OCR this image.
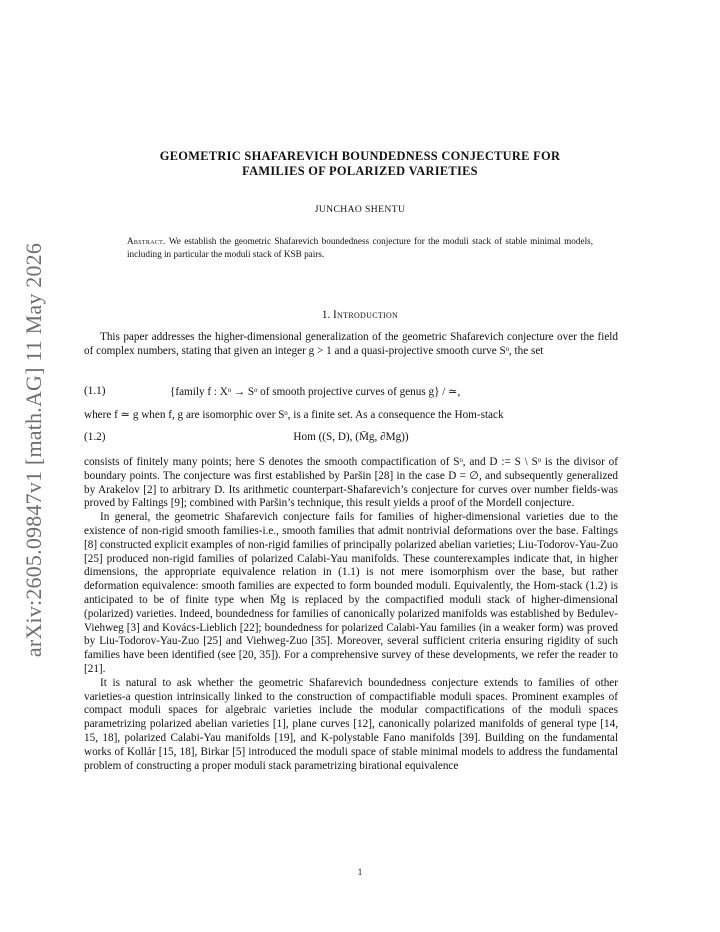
arXiv:2605.09847v1 [math.AG] 11 May 2026
GEOMETRIC SHAFAREVICH BOUNDEDNESS CONJECTURE FOR
FAMILIES OF POLARIZED VARIETIES
JUNCHAO SHENTU
Abstract. We establish the geometric Shafarevich boundedness conjecture for the moduli stack of stable minimal models, including in particular the moduli stack of KSB pairs.
1. Introduction

This paper addresses the higher-dimensional generalization of the geometric Shafarevich conjecture over the field of complex numbers, stating that given an integer g > 1 and a quasi-projective smooth curve Sᵒ, the set

(1.1)	{family f : Xᵒ → Sᵒ of smooth projective curves of genus g} / ≃,

where f ≃ g when f, g are isomorphic over Sᵒ, is a finite set. As a consequence the Hom-stack

(1.2)	Hom ((S, D), (M̄g, ∂Mg))

consists of finitely many points; here S denotes the smooth compactification of Sᵒ, and D := S \ Sᵒ is the divisor of boundary points. The conjecture was first established by Paršin [28] in the case D = ∅, and subsequently generalized by Arakelov [2] to arbitrary D. Its arithmetic counterpart-Shafarevich’s conjecture for curves over number fields-was proved by Faltings [9]; combined with Paršin’s technique, this result yields a proof of the Mordell conjecture.

In general, the geometric Shafarevich conjecture fails for families of higher-dimensional varieties due to the existence of non-rigid smooth families-i.e., smooth families that admit nontrivial deformations over the base. Faltings [8] constructed explicit examples of non-rigid families of principally polarized abelian varieties; Liu-Todorov-Yau-Zuo [25] produced non-rigid families of polarized Calabi-Yau manifolds. These counterexamples indicate that, in higher dimensions, the appropriate equivalence relation in (1.1) is not mere isomorphism over the base, but rather deformation equivalence: smooth families are expected to form bounded moduli. Equivalently, the Hom-stack (1.2) is anticipated to be of finite type when M̄g is replaced by the compactified moduli stack of higher-dimensional (polarized) varieties. Indeed, boundedness for families of canonically polarized manifolds was established by Bedulev-Viehweg [3] and Kovács-Lieblich [22]; boundedness for polarized Calabi-Yau families (in a weaker form) was proved by Liu-Todorov-Yau-Zuo [25] and Viehweg-Zuo [35]. Moreover, several sufficient criteria ensuring rigidity of such families have been identified (see [20, 35]). For a comprehensive survey of these developments, we refer the reader to [21].

It is natural to ask whether the geometric Shafarevich boundedness conjecture extends to families of other varieties-a question intrinsically linked to the construction of compactifiable moduli spaces. Prominent examples of compact moduli spaces for algebraic varieties include the modular compactifications of the moduli spaces parametrizing polarized abelian varieties [1], plane curves [12], canonically polarized manifolds of general type [14, 15, 18], polarized Calabi-Yau manifolds [19], and K-polystable Fano manifolds [39]. Building on the fundamental works of Kollár [15, 18], Birkar [5] introduced the moduli space of stable minimal models to address the fundamental problem of constructing a proper moduli stack parametrizing birational equivalence

1
